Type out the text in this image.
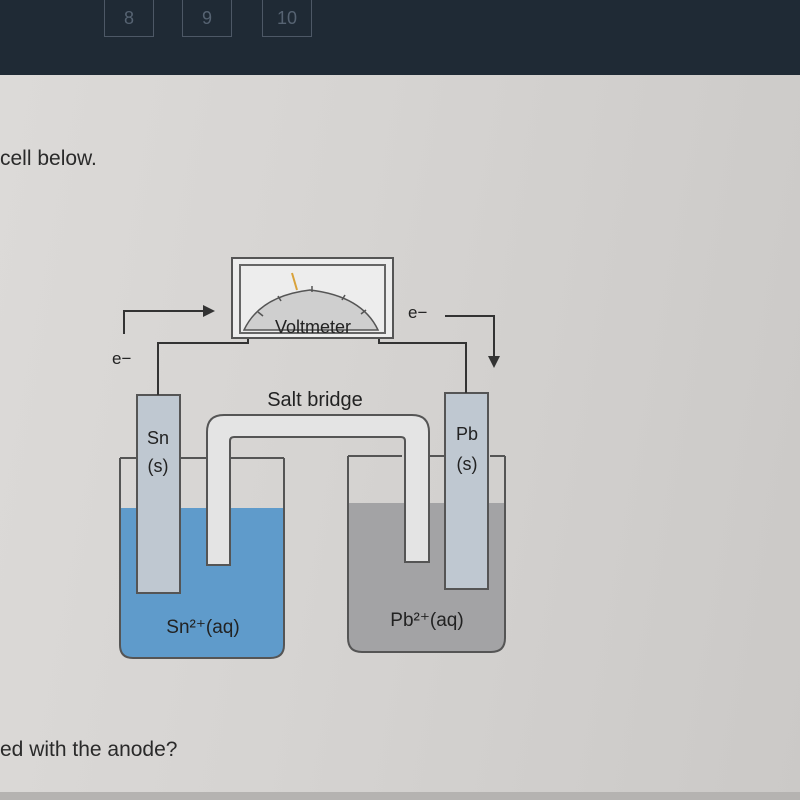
8	9	10
cell below.
Voltmeter
Salt bridge
e−
e−
Sn
(s)
Pb
(s)
Sn²⁺(aq)	Pb²⁺(aq)
ed with the anode?
